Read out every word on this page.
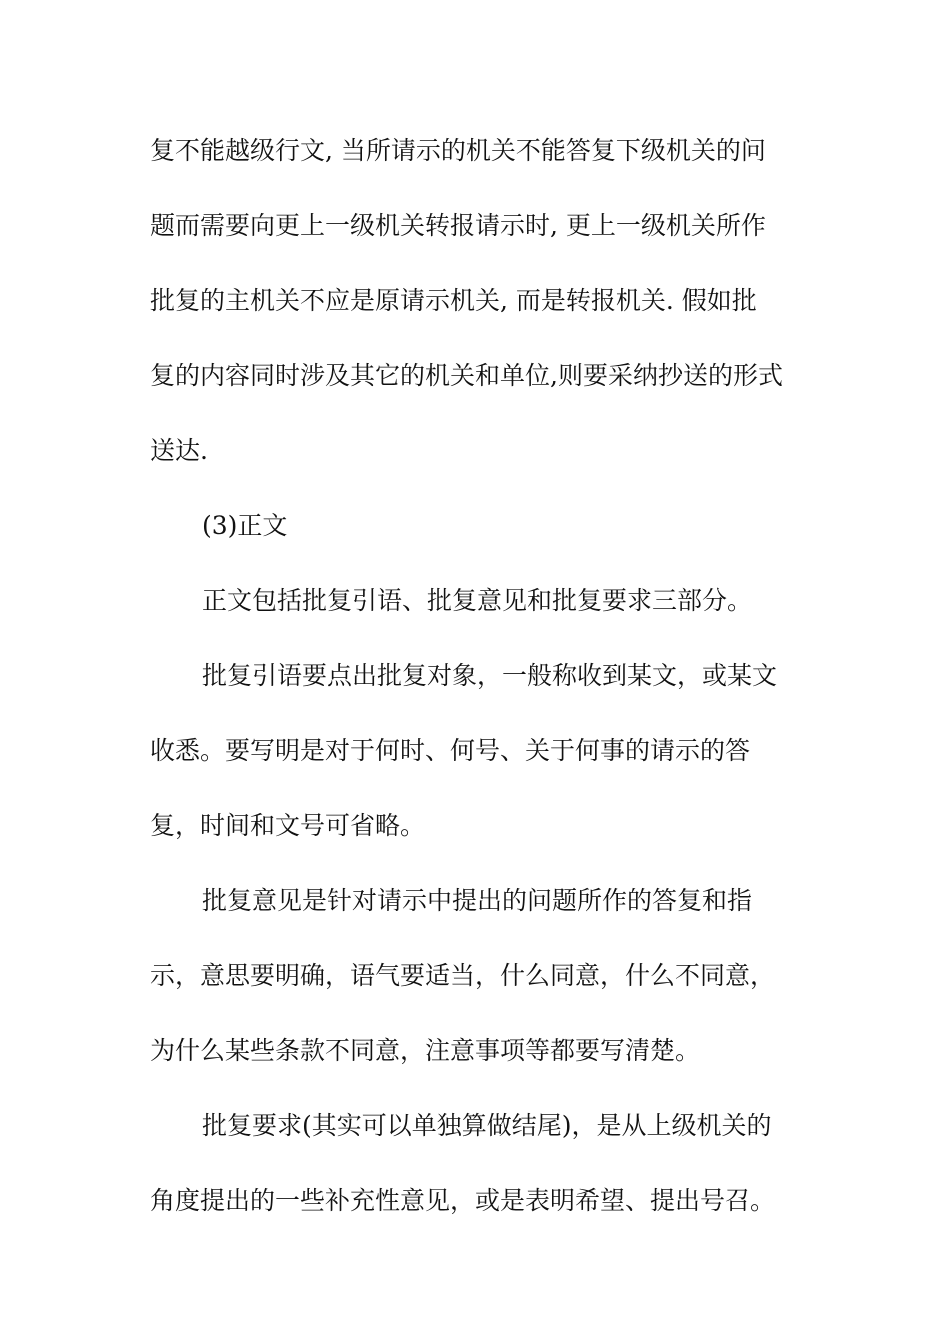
复不能越级行文, 当所请示的机关不能答复下级机关的问
题而需要向更上一级机关转报请示时, 更上一级机关所作
批复的主机关不应是原请示机关, 而是转报机关. 假如批
复的内容同时涉及其它的机关和单位,则要采纳抄送的形式
送达.
(3)正文
正文包括批复引语、批复意见和批复要求三部分。
批复引语要点出批复对象，一般称收到某文，或某文
收悉。要写明是对于何时、何号、关于何事的请示的答
复，时间和文号可省略。
批复意见是针对请示中提出的问题所作的答复和指
示，意思要明确，语气要适当，什么同意，什么不同意，
为什么某些条款不同意，注意事项等都要写清楚。
批复要求(其实可以单独算做结尾)，是从上级机关的
角度提出的一些补充性意见，或是表明希望、提出号召。
